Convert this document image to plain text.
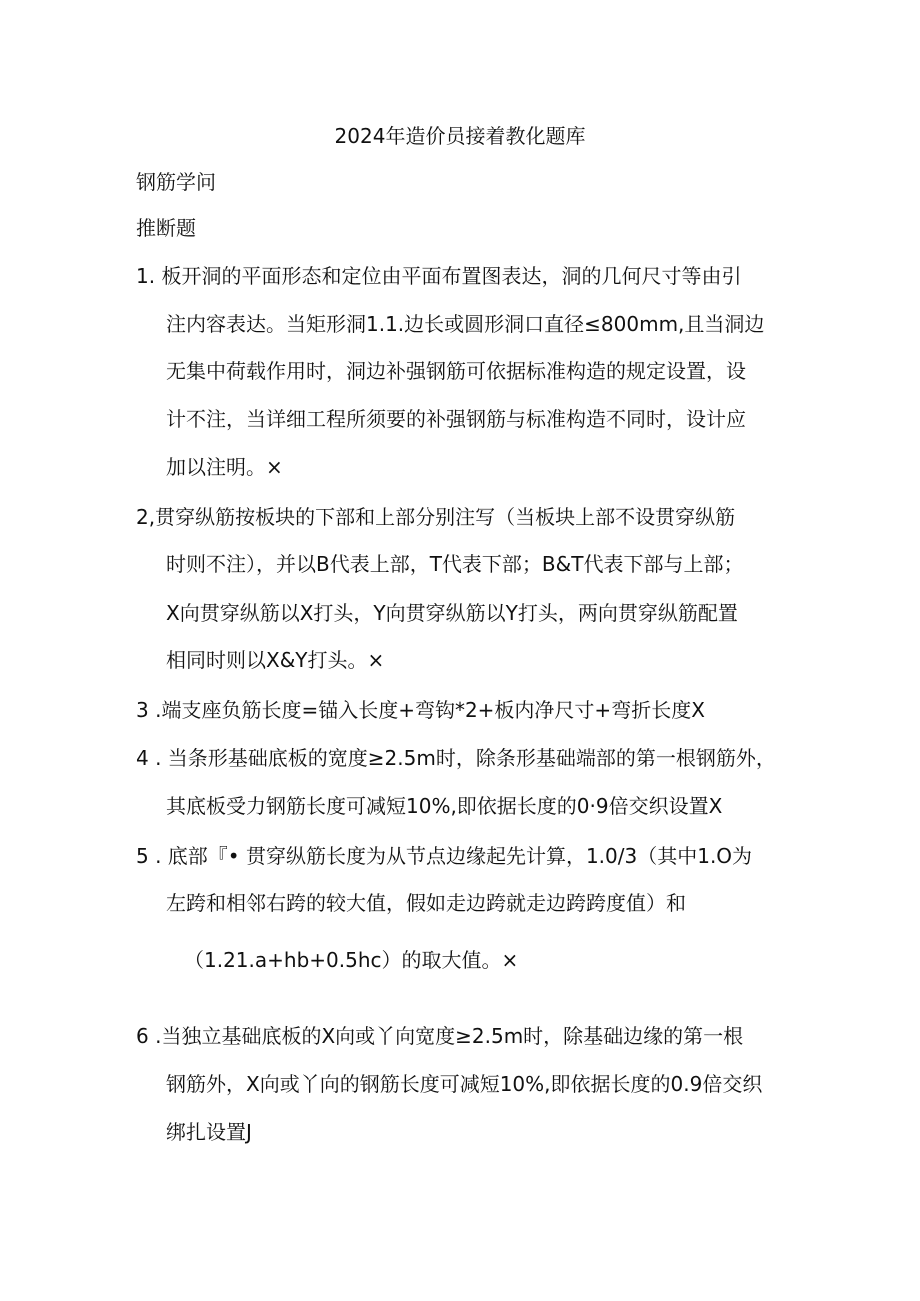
2024年造价员接着教化题库
钢筋学问
推断题
1. 板开洞的平面形态和定位由平面布置图表达，洞的几何尺寸等由引
注内容表达。当矩形洞1.1.边长或圆形洞口直径≤800mm,且当洞边
无集中荷载作用时，洞边补强钢筋可依据标准构造的规定设置，设
计不注，当详细工程所须要的补强钢筋与标准构造不同时，设计应
加以注明。×
2,贯穿纵筋按板块的下部和上部分别注写（当板块上部不设贯穿纵筋
时则不注），并以B代表上部，T代表下部；B&T代表下部与上部；
X向贯穿纵筋以X打头，Y向贯穿纵筋以Y打头，两向贯穿纵筋配置
相同时则以X&Y打头。×
3 .端支座负筋长度=锚入长度+弯钩*2+板内净尺寸+弯折长度X
4 . 当条形基础底板的宽度≥2.5m时，除条形基础端部的第一根钢筋外，
其底板受力钢筋长度可减短10%,即依据长度的0·9倍交织设置X
5 . 底部『• 贯穿纵筋长度为从节点边缘起先计算，1.0/3（其中1.O为
左跨和相邻右跨的较大值，假如走边跨就走边跨跨度值）和
（1.21.a+hb+0.5hc）的取大值。×
6 .当独立基础底板的X向或丫向宽度≥2.5m时，除基础边缘的第一根
钢筋外，X向或丫向的钢筋长度可减短10%,即依据长度的0.9倍交织
绑扎设置J
